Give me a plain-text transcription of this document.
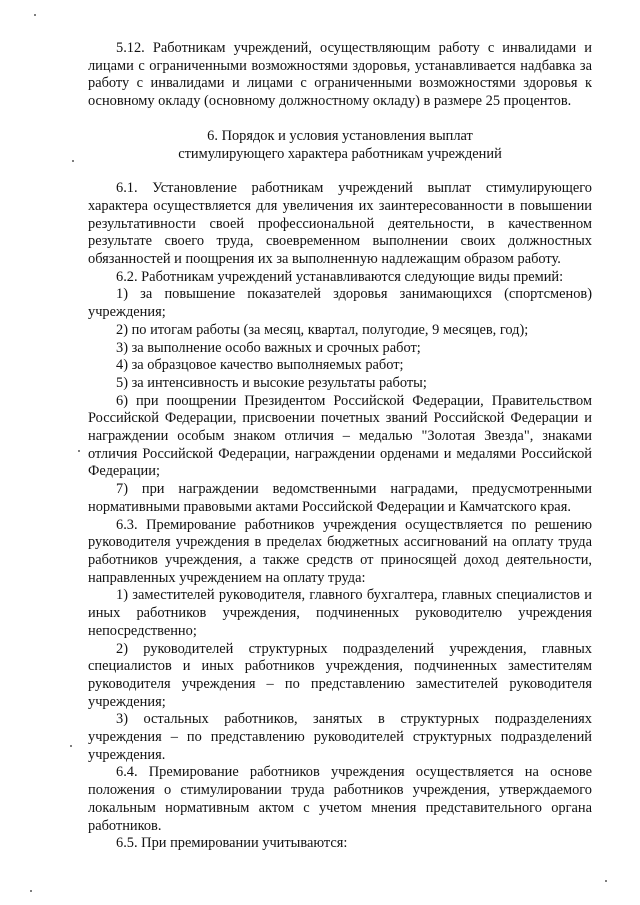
5.12. Работникам учреждений, осуществляющим работу с инвалидами и лицами с ограниченными возможностями здоровья, устанавливается надбавка за работу с инвалидами и лицами с ограниченными возможностями здоровья к основному окладу (основному должностному окладу) в размере 25 процентов.

6. Порядок и условия установления выплат

стимулирующего характера работникам учреждений

6.1. Установление работникам учреждений выплат стимулирующего характера осуществляется для увеличения их заинтересованности в повышении результативности своей профессиональной деятельности, в качественном результате своего труда, своевременном выполнении своих должностных обязанностей и поощрения их за выполненную надлежащим образом работу.

6.2. Работникам учреждений устанавливаются следующие виды премий:

1) за повышение показателей здоровья занимающихся (спортсменов) учреждения;

2) по итогам работы (за месяц, квартал, полугодие, 9 месяцев, год);

3) за выполнение особо важных и срочных работ;

4) за образцовое качество выполняемых работ;

5) за интенсивность и высокие результаты работы;

6) при поощрении Президентом Российской Федерации, Правительством Российской Федерации, присвоении почетных званий Российской Федерации и награждении особым знаком отличия – медалью "Золотая Звезда", знаками отличия Российской Федерации, награждении орденами и медалями Российской Федерации;

7) при награждении ведомственными наградами, предусмотренными нормативными правовыми актами Российской Федерации и Камчатского края.

6.3. Премирование работников учреждения осуществляется по решению руководителя учреждения в пределах бюджетных ассигнований на оплату труда работников учреждения, а также средств от приносящей доход деятельности, направленных учреждением на оплату труда:

1) заместителей руководителя, главного бухгалтера, главных специалистов и иных работников учреждения, подчиненных руководителю учреждения непосредственно;

2) руководителей структурных подразделений учреждения, главных специалистов и иных работников учреждения, подчиненных заместителям руководителя учреждения – по представлению заместителей руководителя учреждения;

3) остальных работников, занятых в структурных подразделениях учреждения – по представлению руководителей структурных подразделений учреждения.

6.4. Премирование работников учреждения осуществляется на основе положения о стимулировании труда работников учреждения, утверждаемого локальным нормативным актом с учетом мнения представительного органа работников.

6.5. При премировании учитываются:
